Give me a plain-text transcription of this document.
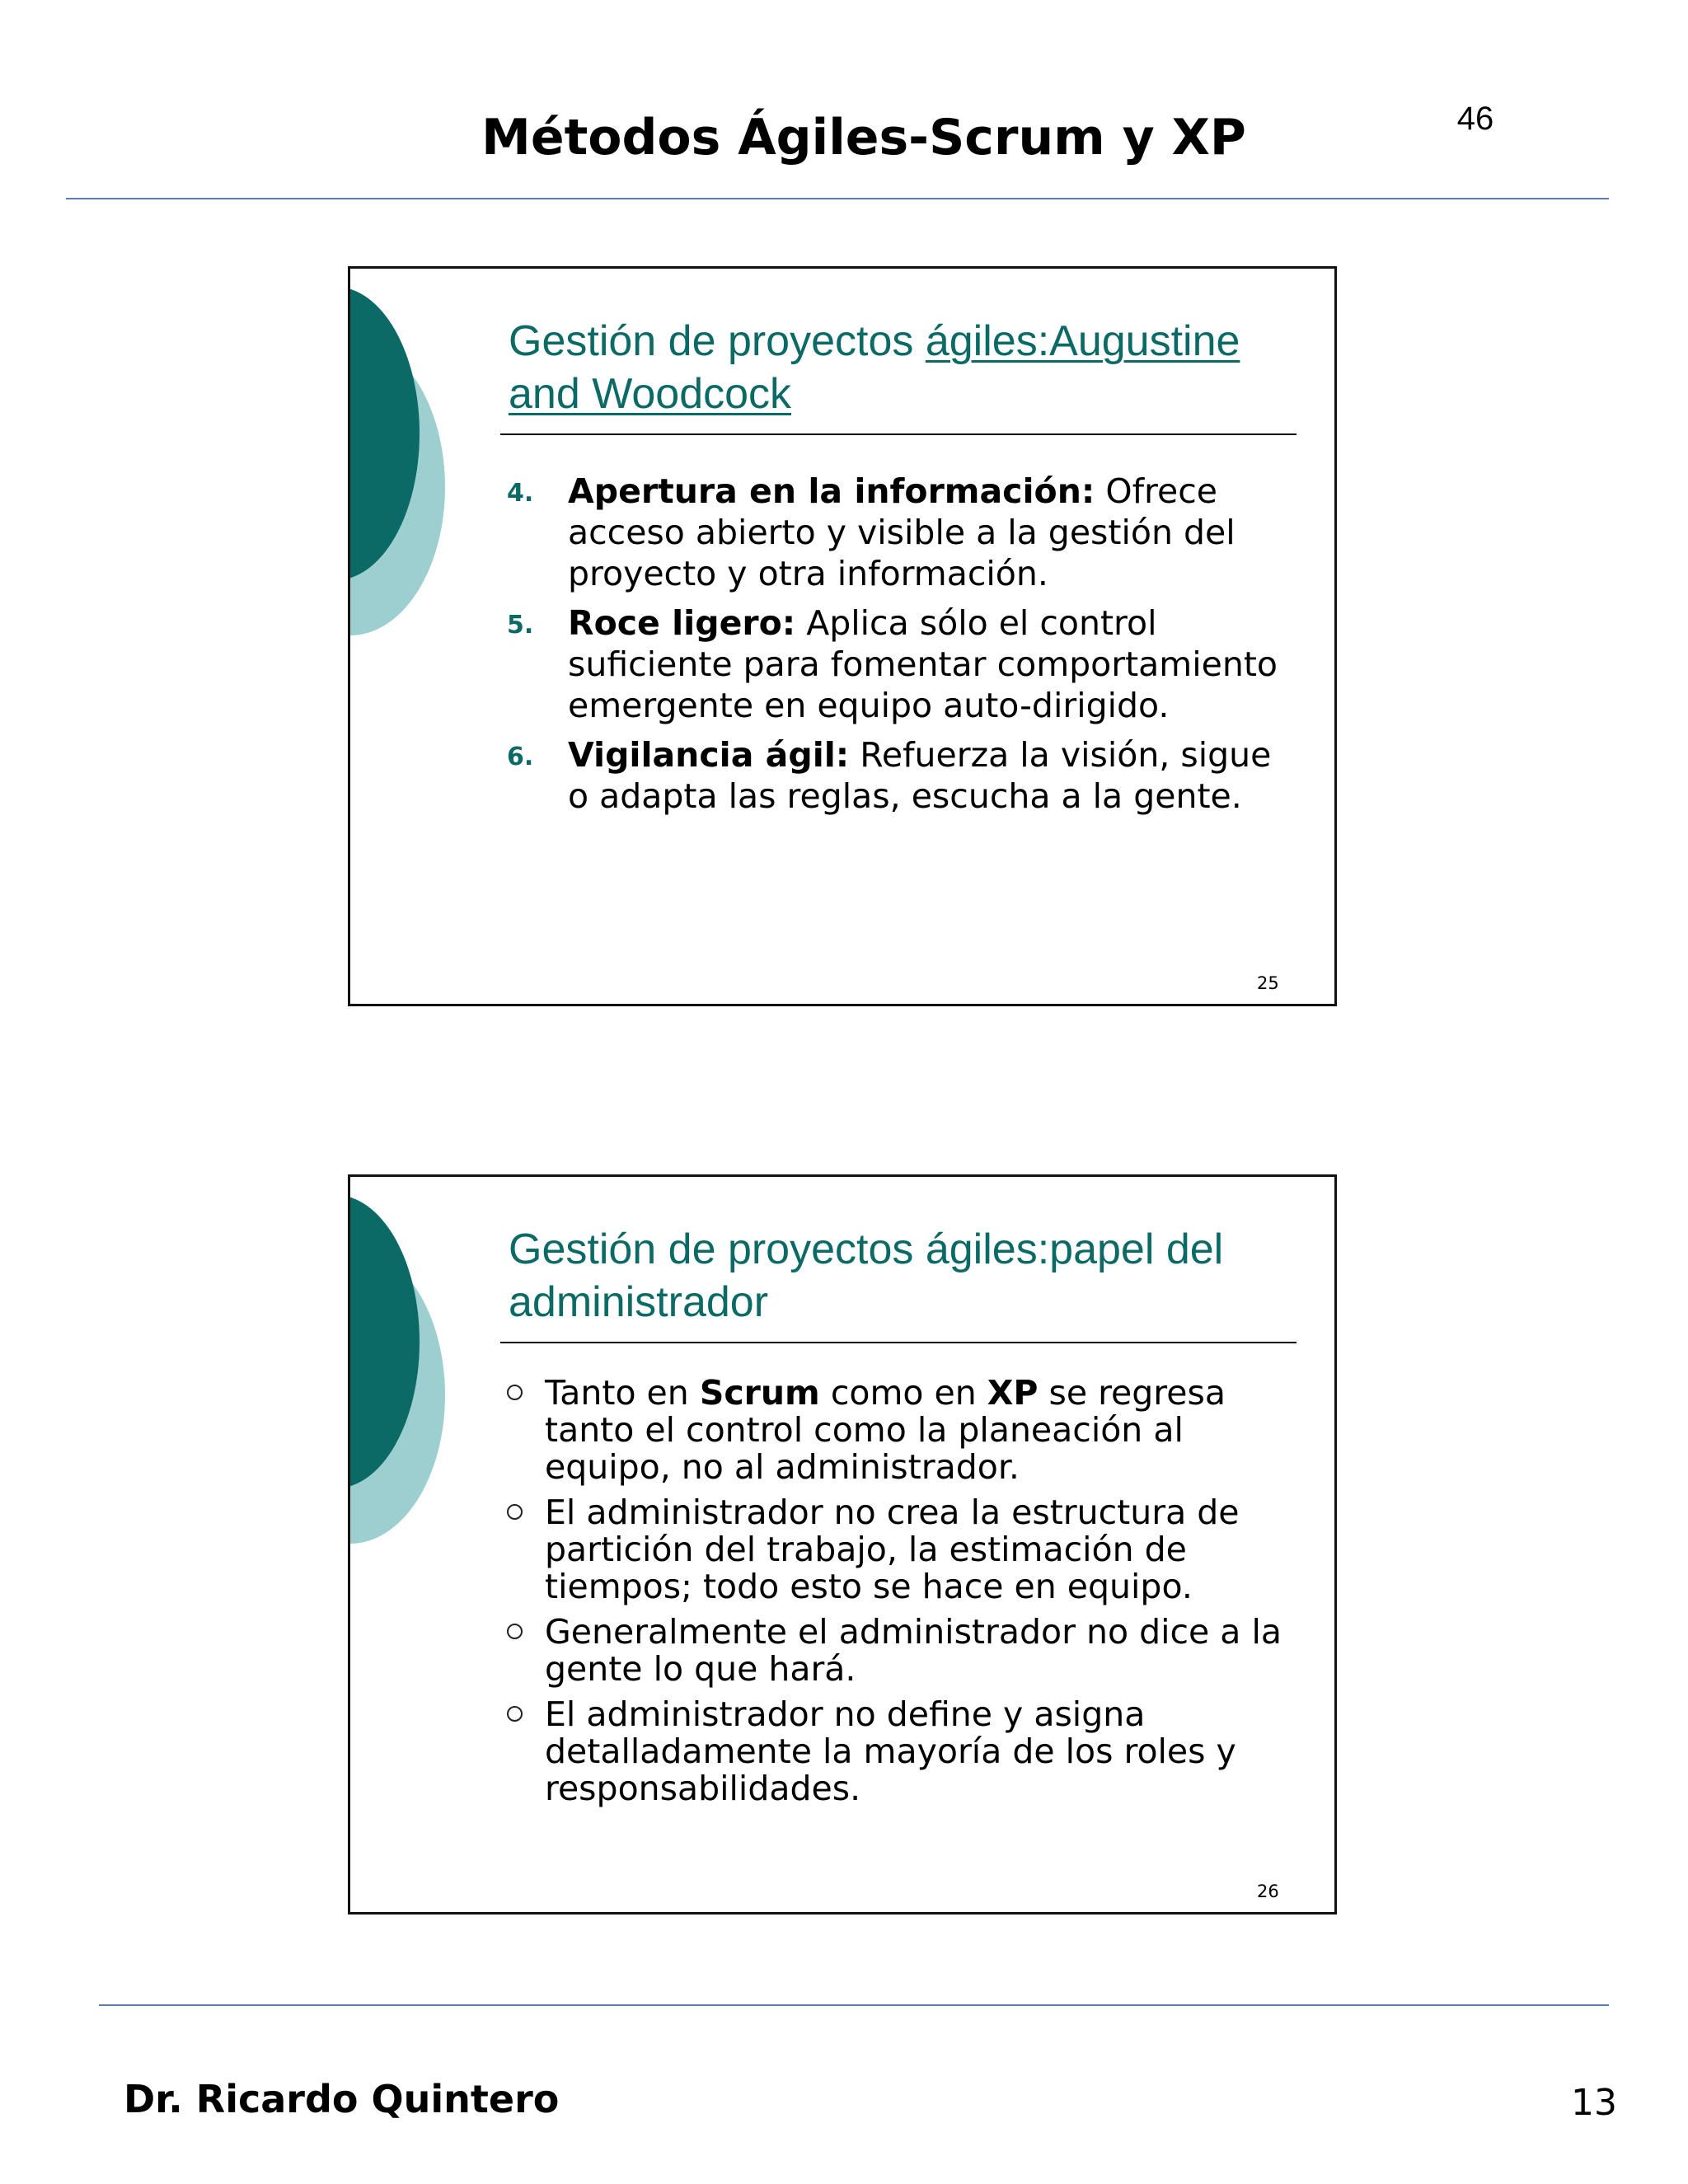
46
Métodos Ágiles-Scrum y XP
Gestión de proyectos ágiles:Augustine and Woodcock
4. Apertura en la información: Ofrece acceso abierto y visible a la gestión del proyecto y otra información.
5. Roce ligero: Aplica sólo el control suficiente para fomentar comportamiento emergente en equipo auto-dirigido.
6. Vigilancia ágil: Refuerza la visión, sigue o adapta las reglas, escucha a la gente.
25
Gestión de proyectos ágiles:papel del administrador
Tanto en Scrum como en XP se regresa tanto el control como la planeación al equipo, no al administrador.
El administrador no crea la estructura de partición del trabajo, la estimación de tiempos; todo esto se hace en equipo.
Generalmente el administrador no dice a la gente lo que hará.
El administrador no define y asigna detalladamente la mayoría de los roles y responsabilidades.
26
Dr. Ricardo Quintero	13
